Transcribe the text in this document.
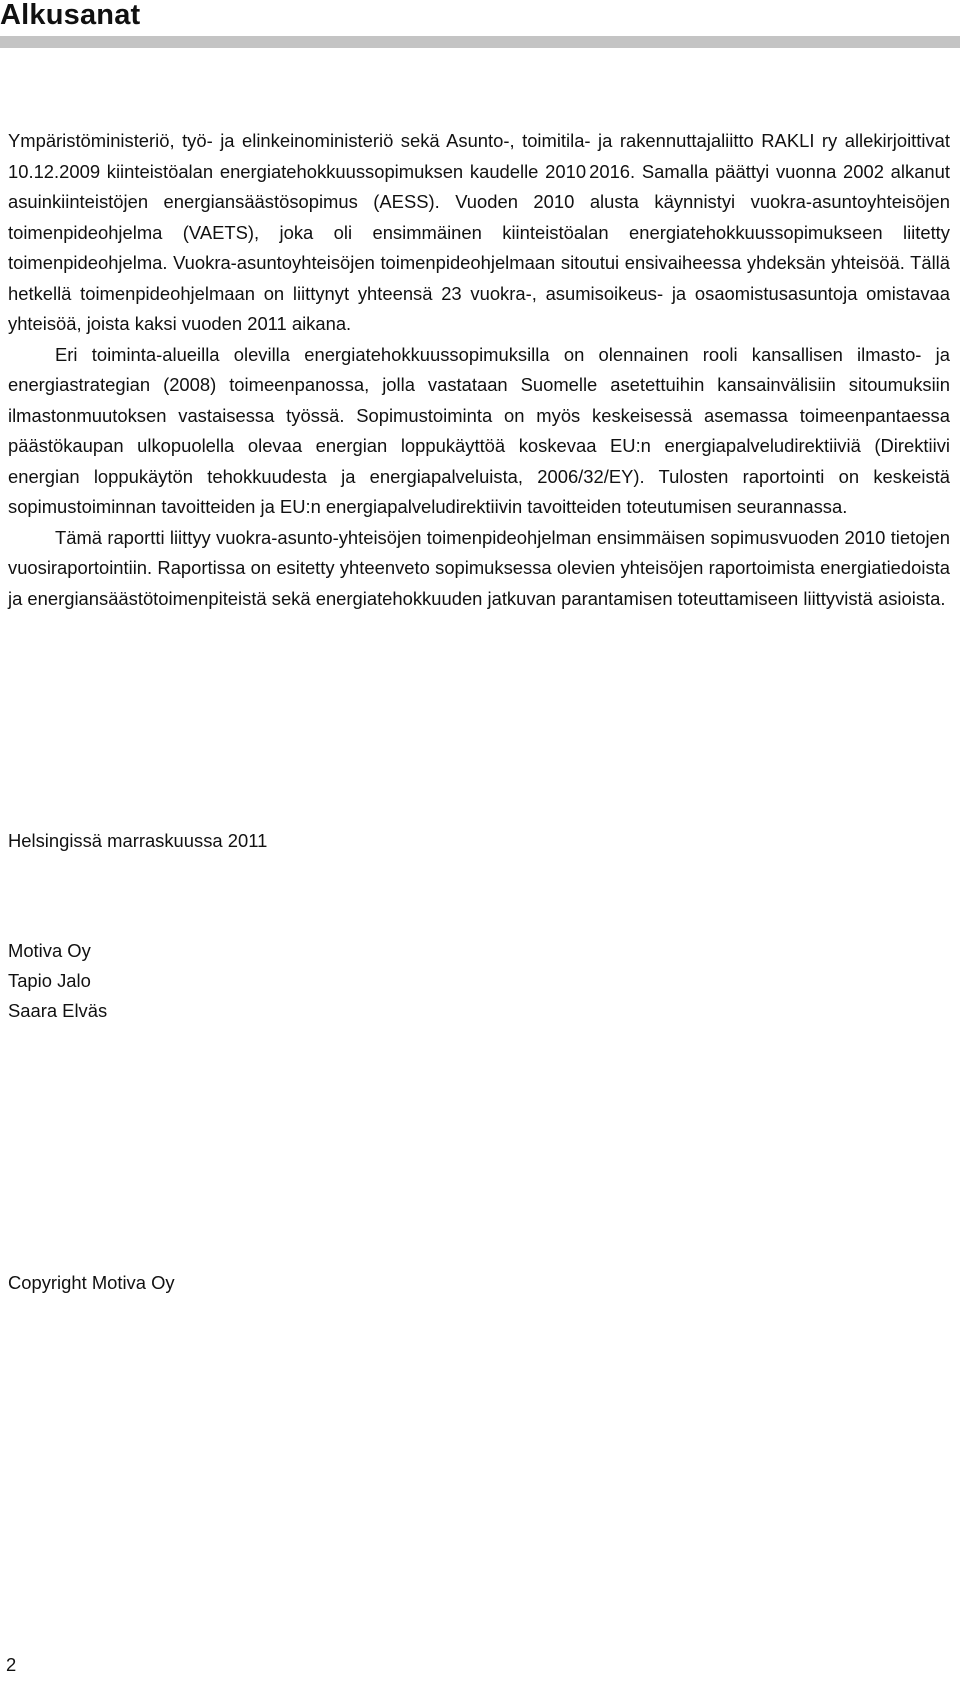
Alkusanat

Ympäristöministeriö, työ- ja elinkeinoministeriö sekä Asunto-, toimitila- ja rakennuttajaliitto RAKLI ry allekirjoittivat 10.12.2009 kiinteistöalan energiatehokkuussopimuksen kaudelle 2010 2016. Samalla päättyi vuonna 2002 alkanut asuinkiinteistöjen energiansäästösopimus (AESS). Vuoden 2010 alusta käynnistyi vuokra-asuntoyhteisöjen toimenpideohjelma (VAETS), joka oli ensimmäinen kiinteistöalan energiatehokkuussopimukseen liitetty toimenpideohjelma. Vuokra-asuntoyhteisöjen toimenpideohjelmaan sitoutui ensivaiheessa yhdeksän yhteisöä. Tällä hetkellä toimenpideohjelmaan on liittynyt yhteensä 23 vuokra-, asumisoikeus- ja osaomistusasuntoja omistavaa yhteisöä, joista kaksi vuoden 2011 aikana.

Eri toiminta-alueilla olevilla energiatehokkuussopimuksilla on olennainen rooli kansallisen ilmasto- ja energiastrategian (2008) toimeenpanossa, jolla vastataan Suomelle asetettuihin kansainvälisiin sitoumuksiin ilmastonmuutoksen vastaisessa työssä. Sopimustoiminta on myös keskeisessä asemassa toimeenpantaessa päästökaupan ulkopuolella olevaa energian loppukäyttöä koskevaa EU:n energiapalveludirektiiviä (Direktiivi energian loppukäytön tehokkuudesta ja energiapalveluista, 2006/32/EY). Tulosten raportointi on keskeistä sopimustoiminnan tavoitteiden ja EU:n energiapalveludirektiivin tavoitteiden toteutumisen seurannassa.

Tämä raportti liittyy vuokra-asunto-yhteisöjen toimenpideohjelman ensimmäisen sopimusvuoden 2010 tietojen vuosiraportointiin. Raportissa on esitetty yhteenveto sopimuksessa olevien yhteisöjen raportoimista energiatiedoista ja energiansäästötoimenpiteistä sekä energiatehokkuuden jatkuvan parantamisen toteuttamiseen liittyvistä asioista.

Helsingissä marraskuussa 2011

Motiva Oy

Tapio Jalo

Saara Elväs

Copyright Motiva Oy

2
